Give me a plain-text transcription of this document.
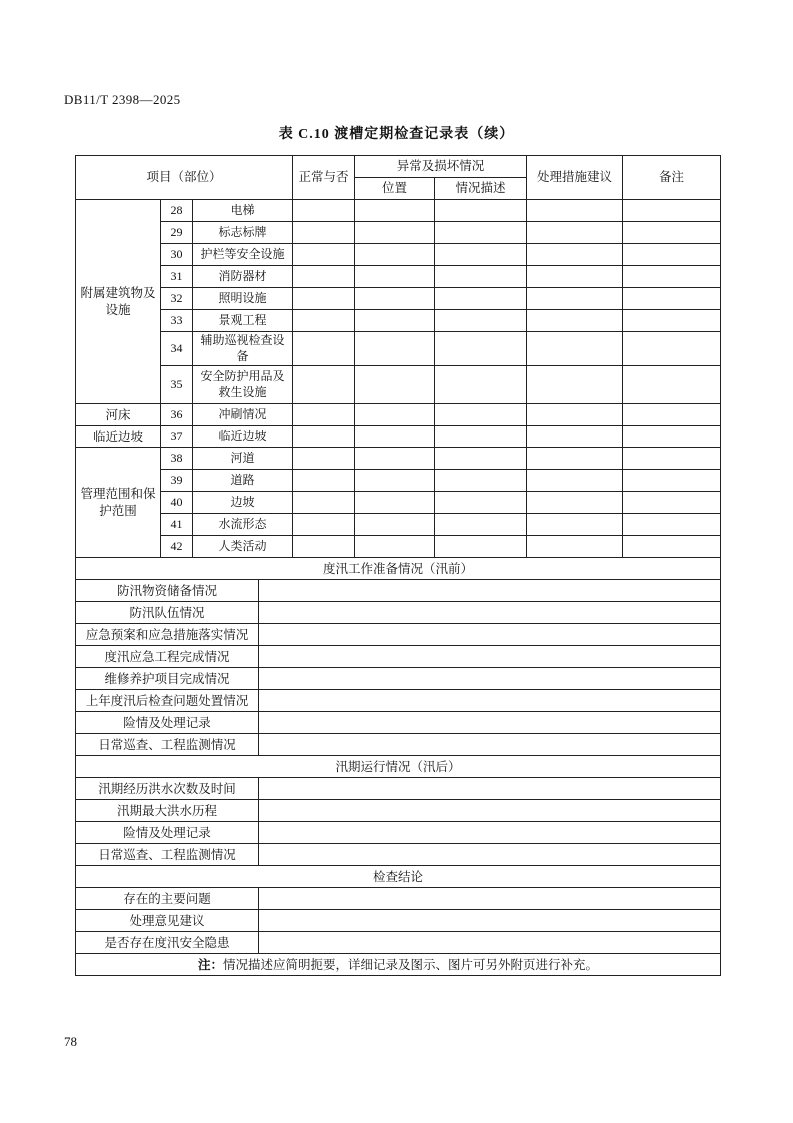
DB11/T 2398—2025
表 C.10 渡槽定期检查记录表（续）
项目（部位）				正常与否	异常及损坏情况		处理措施建议	备注
					位置	情况描述		
附属建筑物及设施	28	电梯						
	29	标志标牌						
	30	护栏等安全设施						
	31	消防器材						
	32	照明设施						
	33	景观工程						
	34	辅助巡视检查设备						
	35	安全防护用品及救生设施						
河床	36	冲刷情况						
临近边坡	37	临近边坡						
管理范围和保护范围	38	河道						
	39	道路						
	40	边坡						
	41	水流形态						
	42	人类活动						
度汛工作准备情况（汛前）								
防汛物资储备情况								
防汛队伍情况								
应急预案和应急措施落实情况								
度汛应急工程完成情况								
维修养护项目完成情况								
上年度汛后检查问题处置情况								
险情及处理记录								
日常巡查、工程监测情况								
汛期运行情况（汛后）								
汛期经历洪水次数及时间								
汛期最大洪水历程								
险情及处理记录								
日常巡查、工程监测情况								
检查结论								
存在的主要问题								
处理意见建议								
是否存在度汛安全隐患								
注：情况描述应简明扼要，详细记录及图示、图片可另外附页进行补充。								
78
